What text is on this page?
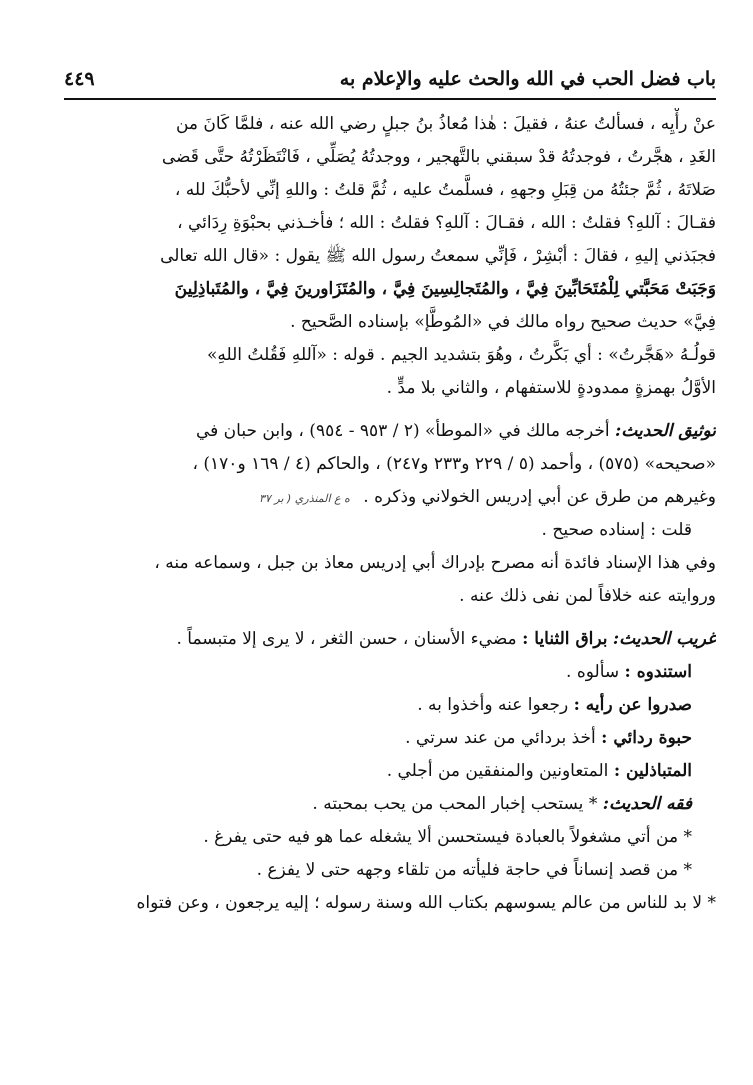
باب فضل الحب في الله والحث عليه والإعلام به
٤٤٩
عنْ رأْيِه ، فسألتُ عنهُ ، فقيلَ : هٰذا مُعاذُ بنُ جبلٍ رضي الله عنه ، فلمَّا كَانَ من
الغَدِ ، هجَّرتُ ، فوجدتُهُ قدْ سبقني بالتَّهجير ، ووجدتُهُ يُصَلِّي ، فَانْتَظَرْتُهُ حتَّى قَضى
صَلاتَهُ ، ثُمَّ جئتُهُ من قِبَلِ وجههِ ، فسلَّمتُ عليه ، ثُمَّ قلتُ : واللهِ إنِّي لأحبُّكَ لله ،
فقـالَ : آللهِ؟ فقلتُ : الله ، فقـالَ : آللهِ؟ فقلتُ : الله ؛ فأخـذني بحبْوَةِ رِدَائي ،
فجبَذني إليهِ ، فقالَ : أبْشِرْ ، فَإنِّي سمعتُ رسول الله ﷺ يقول : «قال الله تعالى
وَجَبَتْ مَحَبَّتي لِلْمُتَحَابِّينَ فِيَّ ، والمُتَجالِسِينَ فِيَّ ، والمُتَزَاورينَ فِيَّ ، والمُتَباذِلِينَ
فِيَّ» حديث صحيح رواه مالك في «المُوطَّإ» بإسناده الصَّحيح .
قولُـهُ «هَجَّرتُ» : أي بَكَّرتُ ، وهُوَ بتشديد الجيم . قوله : «آللهِ فَقُلتُ اللهِ»
الأوَّلُ بهمزةٍ ممدودةٍ للاستفهام ، والثاني بلا مدٍّ .
توثيق الحديث: أخرجه مالك في «الموطأ» (٢ / ٩٥٣ - ٩٥٤) ، وابن حبان في
«صحيحه» (٥٧٥) ، وأحمد (٥ / ٢٢٩ و٢٣٣ و٢٤٧) ، والحاكم (٤ / ١٦٩ و١٧٠) ،
وغيرهم من طرق عن أبي إدريس الخولاني وذكره . ه ع المنذري ( بر ٣٧
قلت : إسناده صحيح .
وفي هذا الإسناد فائدة أنه مصرح بإدراك أبي إدريس معاذ بن جبل ، وسماعه منه ،
وروايته عنه خلافاً لمن نفى ذلك عنه .
غريب الحديث: براق الثنايا : مضيء الأسنان ، حسن الثغر ، لا يرى إلا متبسماً .
استندوه : سألوه .
صدروا عن رأيه : رجعوا عنه وأخذوا به .
حبوة ردائي : أخذ بردائي من عند سرتي .
المتباذلين : المتعاونين والمنفقين من أجلي .
فقه الحديث: * يستحب إخبار المحب من يحب بمحبته .
* من أتي مشغولاً بالعبادة فيستحسن ألا يشغله عما هو فيه حتى يفرغ .
* من قصد إنساناً في حاجة فليأته من تلقاء وجهه حتى لا يفزع .
* لا بد للناس من عالم يسوسهم بكتاب الله وسنة رسوله ؛ إليه يرجعون ، وعن فتواه
